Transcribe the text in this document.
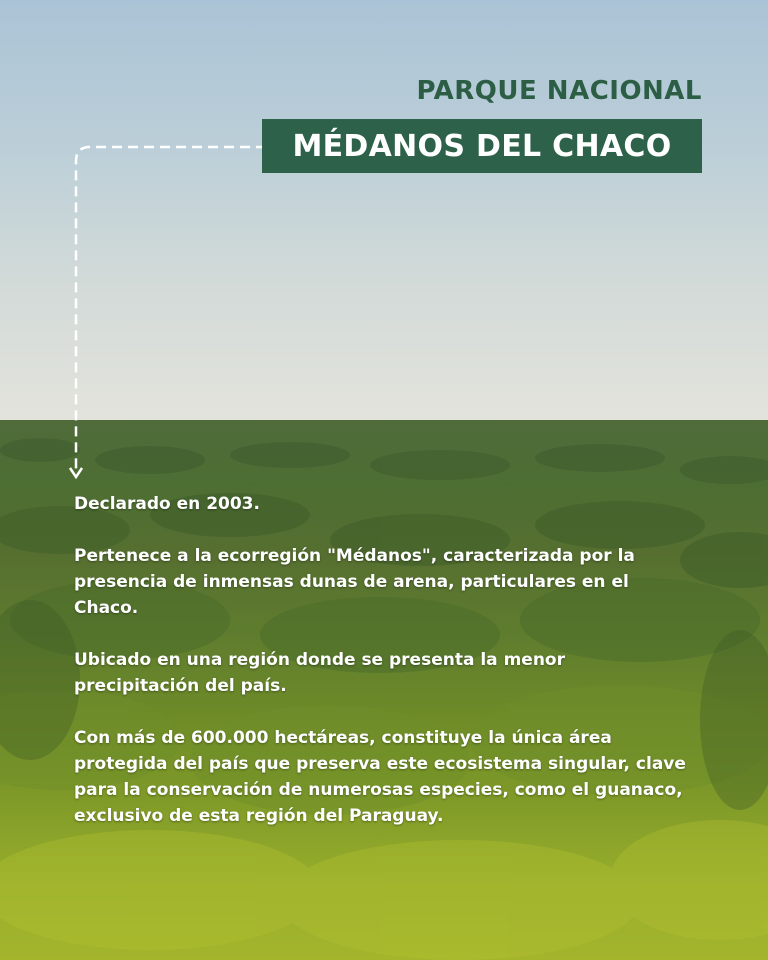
PARQUE NACIONAL
MÉDANOS DEL CHACO

Declarado en 2003.

Pertenece a la ecorregión "Médanos", caracterizada por la presencia de inmensas dunas de arena, particulares en el Chaco.

Ubicado en una región donde se presenta la menor precipitación del país.

Con más de 600.000 hectáreas, constituye la única área protegida del país que preserva este ecosistema singular, clave para la conservación de numerosas especies, como el guanaco, exclusivo de esta región del Paraguay.
